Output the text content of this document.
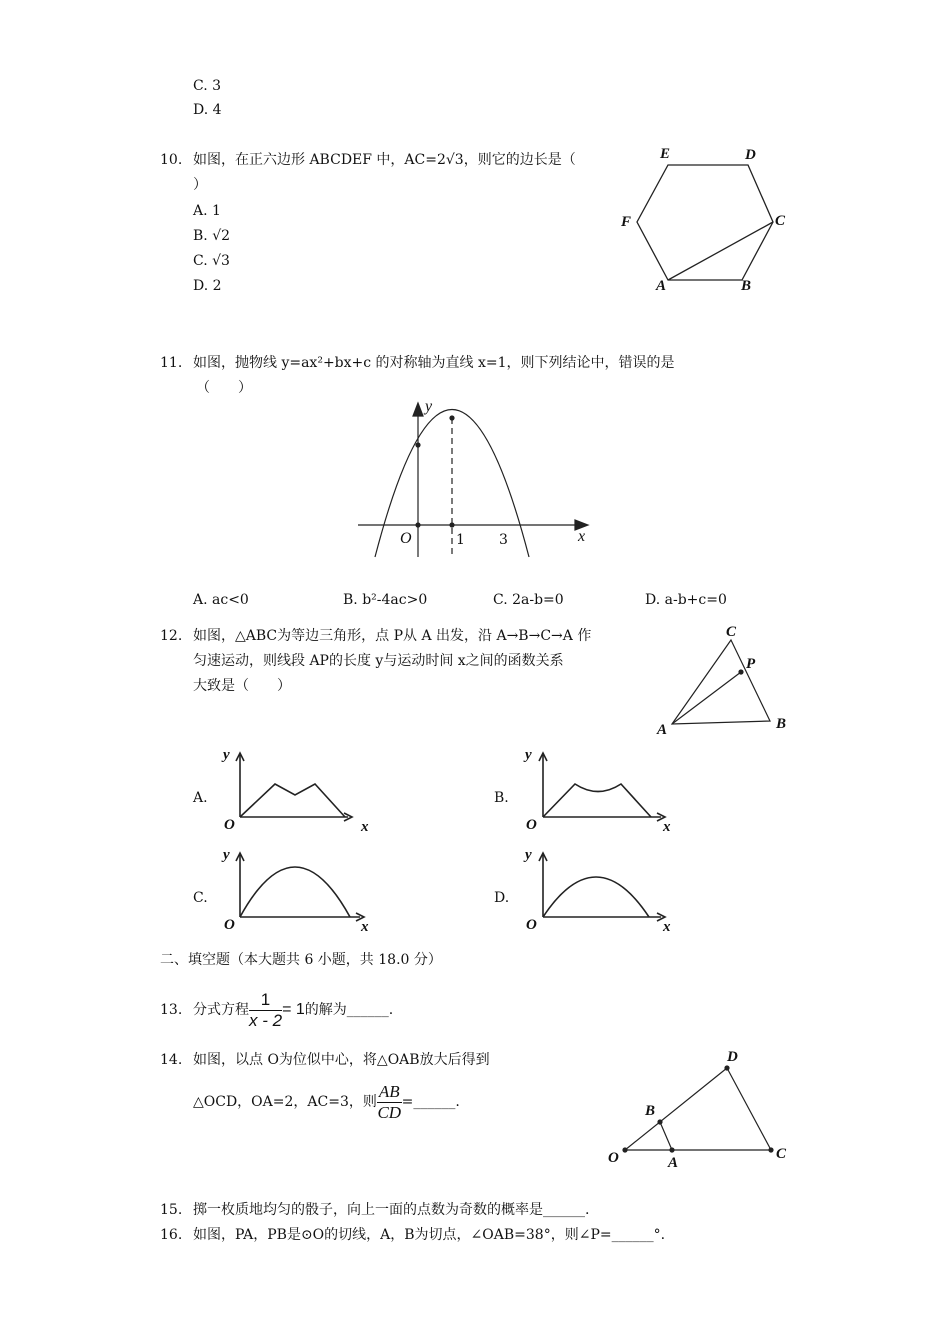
C. 3
D. 4
10. 如图，在正六边形 ABCDEF 中，AC=2√3，则它的边长是（
）
A. 1
B. √2
C. √3
D. 2
E	D
C
F
A	B
11. 如图，抛物线 y=ax²+bx+c 的对称轴为直线 x=1，则下列结论中，错误的是
（　　）
y
x
O	1 3
A. ac<0	B. b²-4ac>0	C. 2a-b=0	D. a-b+c=0
12. 如图，△ABC为等边三角形，点 P从 A 出发，沿 A→B→C→A 作
匀速运动，则线段 AP的长度 y与运动时间 x之间的函数关系
大致是（　　）
C
P
A	B
A.	B.
C.	D.
y
O	x
y
O	x
y
O	x
y
O	x
二、填空题（本大题共 6 小题，共 18.0 分）
13. 分式方程 $\frac{1}{x - 2} = 1$的解为______.
14. 如图，以点 O为位似中心，将△OAB放大后得到
△OCD，OA=2，AC=3，则 $\frac{AB}{CD}$ =______.
D
B
O	A
C
15. 掷一枚质地均匀的骰子，向上一面的点数为奇数的概率是______.
16. 如图，PA，PB是⊙O的切线，A，B为切点，∠OAB=38°，则∠P=______°.
